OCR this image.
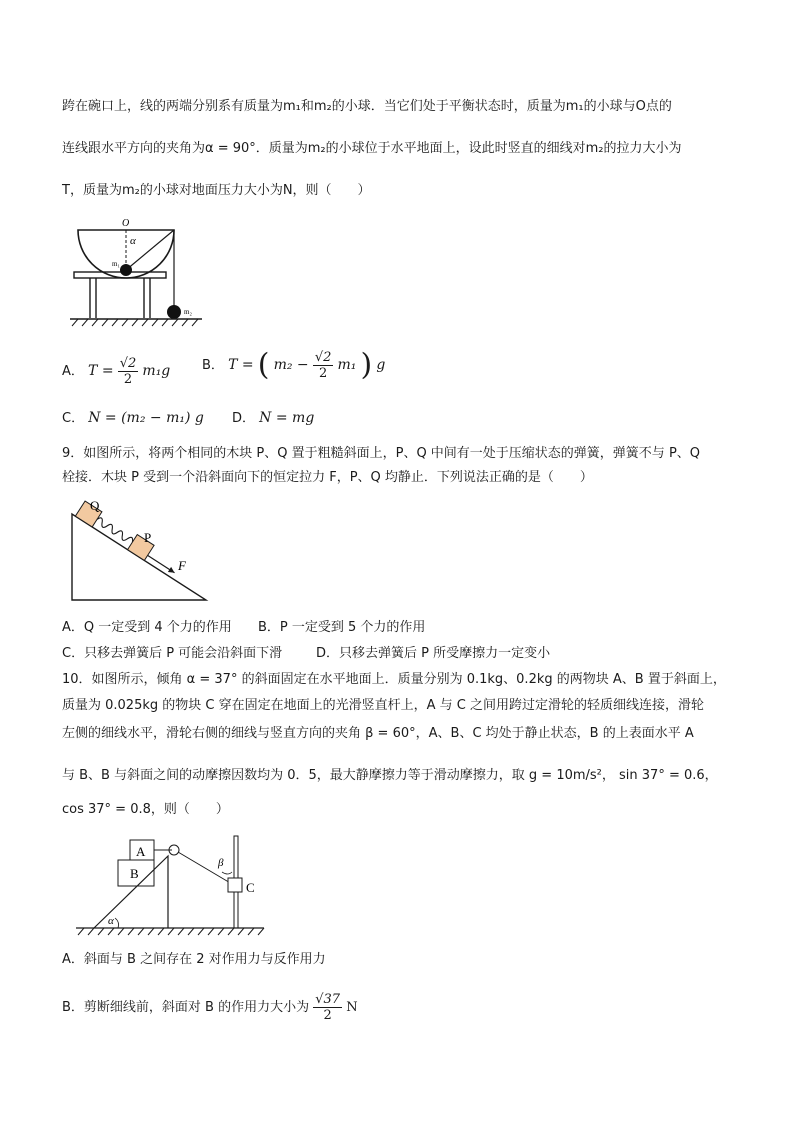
跨在碗口上，线的两端分别系有质量为m₁和m₂的小球．当它们处于平衡状态时，质量为m₁的小球与O点的
连线跟水平方向的夹角为α = 90°．质量为m₂的小球位于水平地面上，设此时竖直的细线对m₂的拉力大小为
T，质量为m₂的小球对地面压力大小为N，则（　　）
O
α
m₁
m₂
A． $T = \frac{√2}{2} m_1g$ B． T = ( $m_2 - \frac{√2}{2} m_1$ ) g
C． N = (m₂ − m₁) g D． N = mg
9．如图所示，将两个相同的木块 P、Q 置于粗糙斜面上，P、Q 中间有一处于压缩状态的弹簧，弹簧不与 P、Q
栓接．木块 P 受到一个沿斜面向下的恒定拉力 F，P、Q 均静止．下列说法正确的是（　　）
Q
P
F
A．Q 一定受到 4 个力的作用 B．P 一定受到 5 个力的作用
C．只移去弹簧后 P 可能会沿斜面下滑	D．只移去弹簧后 P 所受摩擦力一定变小
10．如图所示，倾角 α = 37° 的斜面固定在水平地面上．质量分别为 0.1kg、0.2kg 的两物块 A、B 置于斜面上，
质量为 0.025kg 的物块 C 穿在固定在地面上的光滑竖直杆上，A 与 C 之间用跨过定滑轮的轻质细线连接，滑轮
左侧的细线水平，滑轮右侧的细线与竖直方向的夹角 β = 60°，A、B、C 均处于静止状态，B 的上表面水平 A
与 B、B 与斜面之间的动摩擦因数均为 0．5，最大静摩擦力等于滑动摩擦力，取 g = 10m/s²， sin 37° = 0.6，
cos 37° = 0.8，则（　　）
A
B
C
α
β
A．斜面与 B 之间存在 2 对作用力与反作用力
B．剪断细线前，斜面对 B 的作用力大小为 $\frac{√37}{2}$ N
